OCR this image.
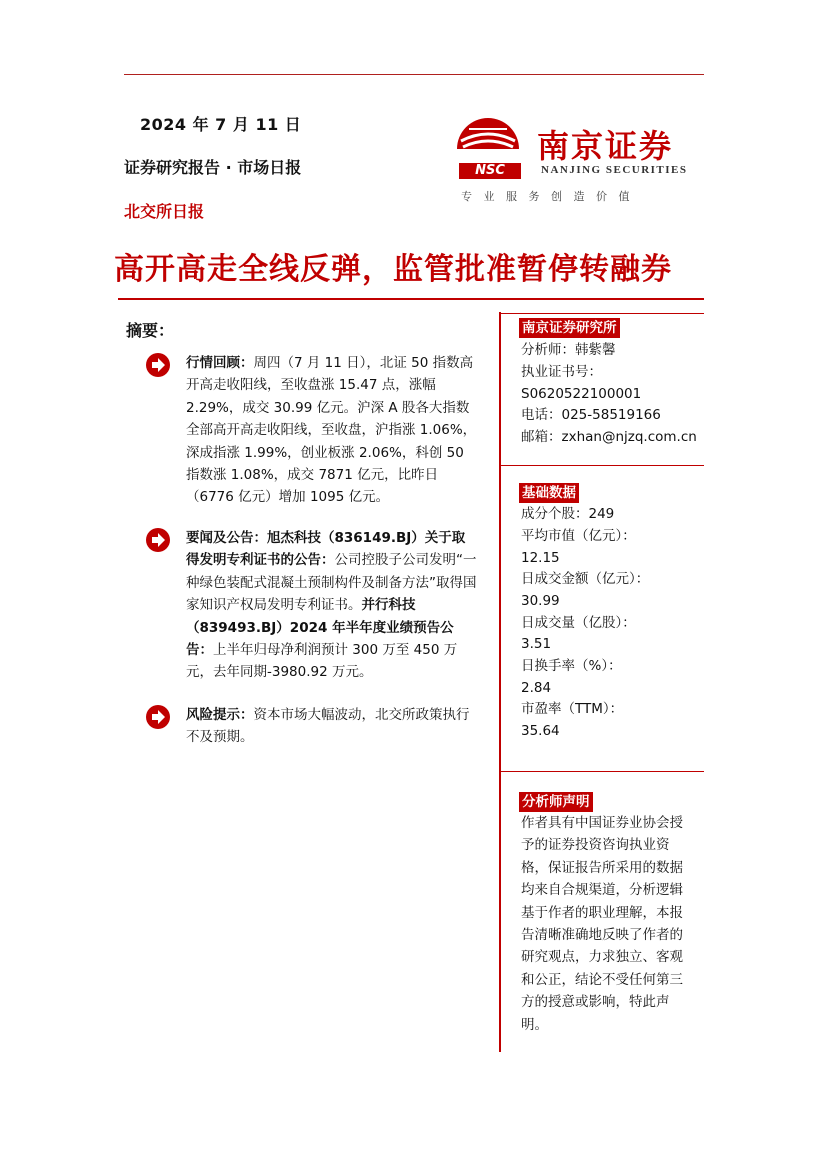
2024 年 7 月 11 日
证券研究报告 · 市场日报
北交所日报
NSC
南京证券
NANJING SECURITIES
专 业 服 务 创 造 价 值
高开高走全线反弹，监管批准暂停转融券
摘要：
行情回顾：周四（7 月 11 日），北证 50 指数高开高走收阳线，至收盘涨 15.47 点，涨幅 2.29%，成交 30.99 亿元。沪深 A 股各大指数全部高开高走收阳线，至收盘，沪指涨 1.06%，深成指涨 1.99%，创业板涨 2.06%，科创 50 指数涨 1.08%，成交 7871 亿元，比昨日（6776 亿元）增加 1095 亿元。
要闻及公告：旭杰科技（836149.BJ）关于取得发明专利证书的公告：公司控股子公司发明“一种绿色装配式混凝土预制构件及制备方法”取得国家知识产权局发明专利证书。并行科技（839493.BJ）2024 年半年度业绩预告公告：上半年归母净利润预计 300 万至 450 万元，去年同期-3980.92 万元。
风险提示：资本市场大幅波动，北交所政策执行不及预期。
南京证券研究所
分析师：韩紫馨
执业证书号：
S0620522100001
电话：025-58519166
邮箱：zxhan@njzq.com.cn
基础数据
成分个股：249
平均市值（亿元）：
12.15
日成交金额（亿元）：
30.99
日成交量（亿股）：
3.51
日换手率（%）：
2.84
市盈率（TTM）：
35.64
分析师声明
作者具有中国证券业协会授予的证券投资咨询执业资格，保证报告所采用的数据均来自合规渠道，分析逻辑基于作者的职业理解，本报告清晰准确地反映了作者的研究观点，力求独立、客观和公正，结论不受任何第三方的授意或影响，特此声明。
